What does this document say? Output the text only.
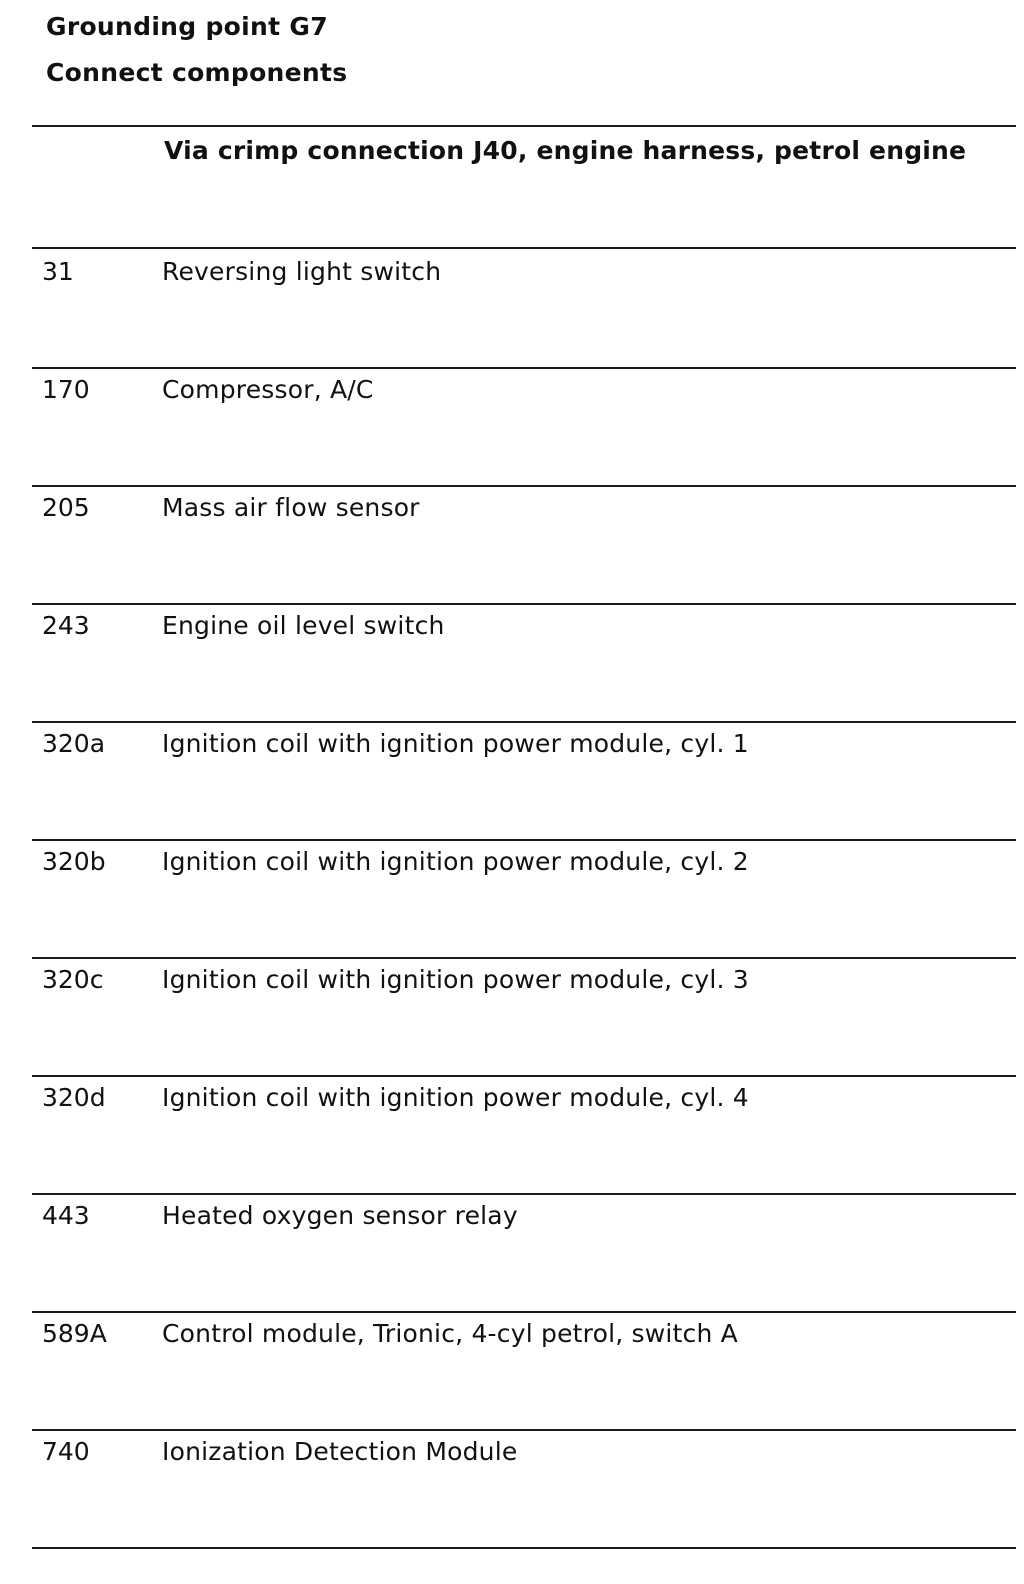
Grounding point G7
Connect components
Via crimp connection J40, engine harness, petrol engine
31	Reversing light switch
170	Compressor, A/C
205	Mass air flow sensor
243	Engine oil level switch
320a Ignition coil with ignition power module, cyl. 1
320b Ignition coil with ignition power module, cyl. 2
320c Ignition coil with ignition power module, cyl. 3
320d Ignition coil with ignition power module, cyl. 4
443	Heated oxygen sensor relay
589A Control module, Trionic, 4-cyl petrol, switch A
740	Ionization Detection Module
